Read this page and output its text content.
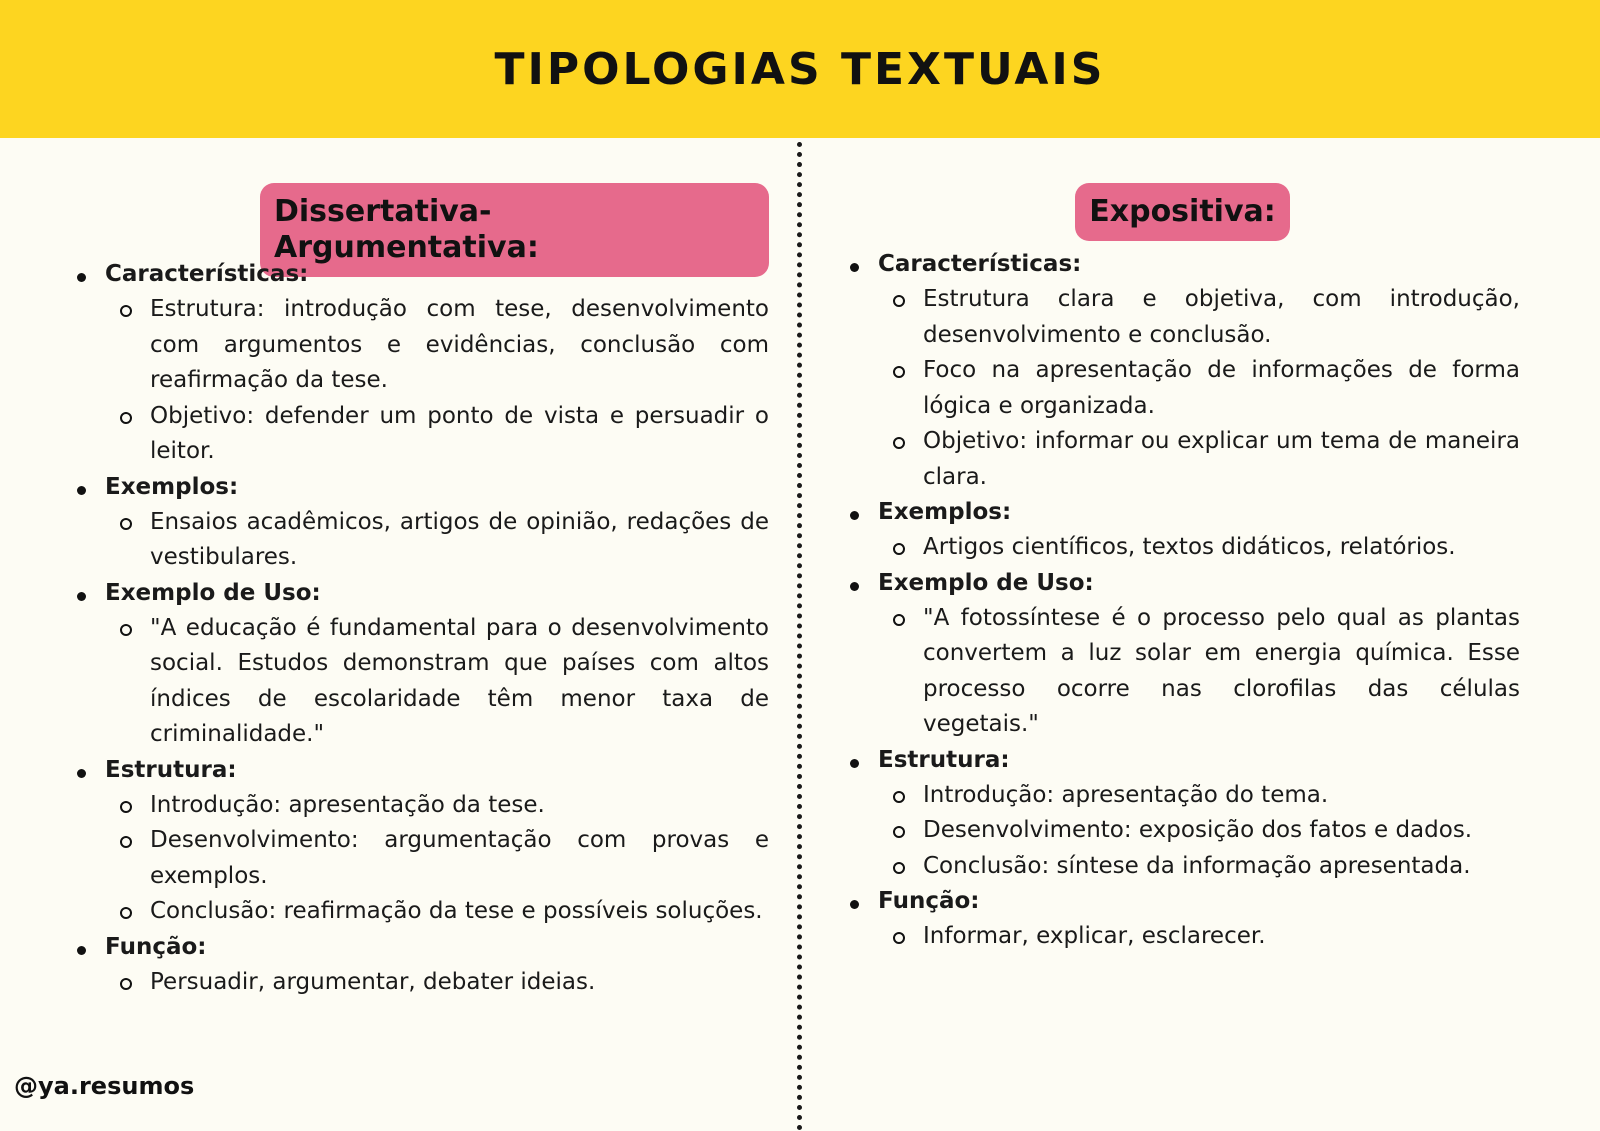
TIPOLOGIAS TEXTUAIS
Dissertativa-Argumentativa:
Características:
Estrutura: introdução com tese, desenvolvimento com argumentos e evidências, conclusão com reafirmação da tese.
Objetivo: defender um ponto de vista e persuadir o leitor.
Exemplos:
Ensaios acadêmicos, artigos de opinião, redações de vestibulares.
Exemplo de Uso:
"A educação é fundamental para o desenvolvimento social. Estudos demonstram que países com altos índices de escolaridade têm menor taxa de criminalidade."
Estrutura:
Introdução: apresentação da tese.
Desenvolvimento: argumentação com provas e exemplos.
Conclusão: reafirmação da tese e possíveis soluções.
Função:
Persuadir, argumentar, debater ideias.
Expositiva:
Características:
Estrutura clara e objetiva, com introdução, desenvolvimento e conclusão.
Foco na apresentação de informações de forma lógica e organizada.
Objetivo: informar ou explicar um tema de maneira clara.
Exemplos:
Artigos científicos, textos didáticos, relatórios.
Exemplo de Uso:
"A fotossíntese é o processo pelo qual as plantas convertem a luz solar em energia química. Esse processo ocorre nas clorofilas das células vegetais."
Estrutura:
Introdução: apresentação do tema.
Desenvolvimento: exposição dos fatos e dados.
Conclusão: síntese da informação apresentada.
Função:
Informar, explicar, esclarecer.
@ya.resumos
